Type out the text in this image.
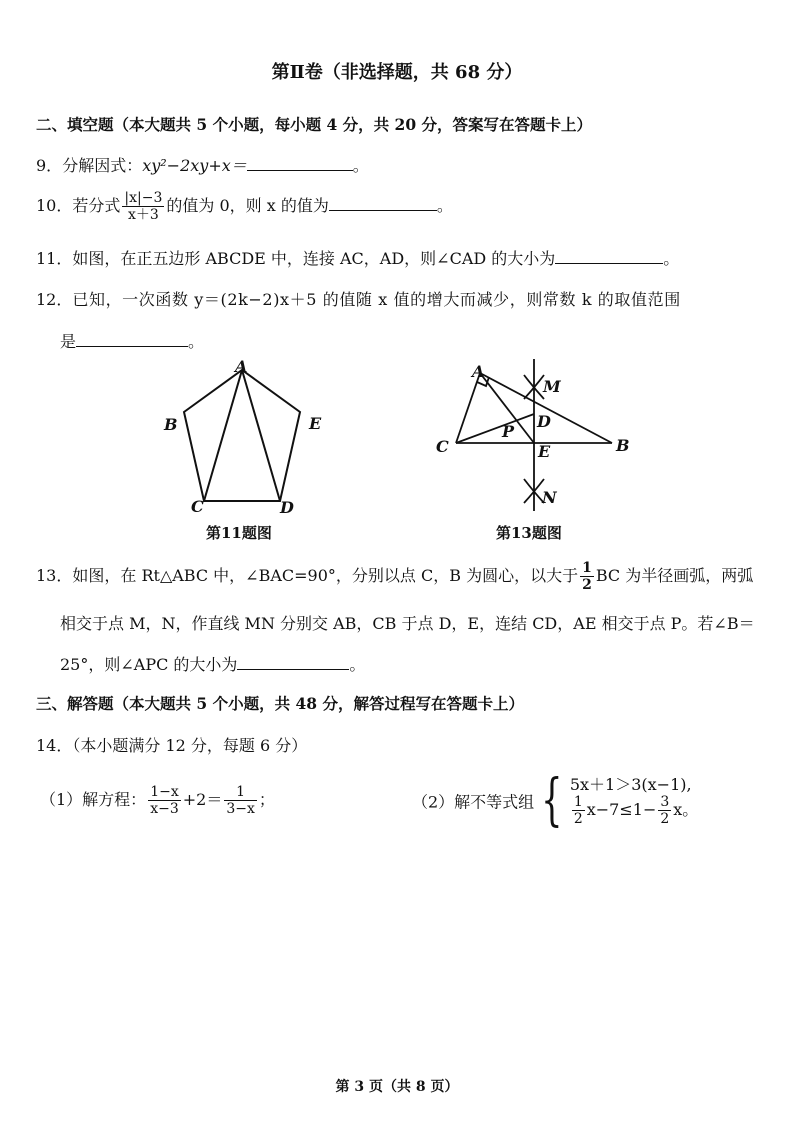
第Ⅱ卷（非选择题，共 68 分）
二、填空题（本大题共 5 个小题，每小题 4 分，共 20 分，答案写在答题卡上）
9．分解因式：xy²−2xy+x＝	。
10．若分式 $\frac{|x|-3}{x+3}$ 的值为 0，则 x 的值为	。
11．如图，在正五边形 ABCDE 中，连接 AC，AD，则∠CAD 的大小为	。
12．已知，一次函数 y＝(2k−2)x＋5 的值随 x 值的增大而减少，则常数 k 的取值范围
是	。
A
B	E
C	D
第11题图
A
M
D
P
C	B
E
N
第13题图
13．如图，在 Rt△ABC 中，∠BAC=90°，分别以点 C，B 为圆心，以大于 $\frac{1}{2}$ BC 为半径画弧，两弧
相交于点 M，N，作直线 MN 分别交 AB，CB 于点 D，E，连结 CD，AE 相交于点 P。若∠B＝
25°，则∠APC 的大小为	。
三、解答题（本大题共 5 个小题，共 48 分，解答过程写在答题卡上）
14．（本小题满分 12 分，每题 6 分）
（1）解方程： $\frac{1-x}{x-3} +2= \frac{1}{3-x}$ ；	（2）解不等式组 { 5x＋1＞3(x−1),
$\frac{1}{2} x-7\le 1- \frac{3}{2}$ x。
第 3 页（共 8 页）
